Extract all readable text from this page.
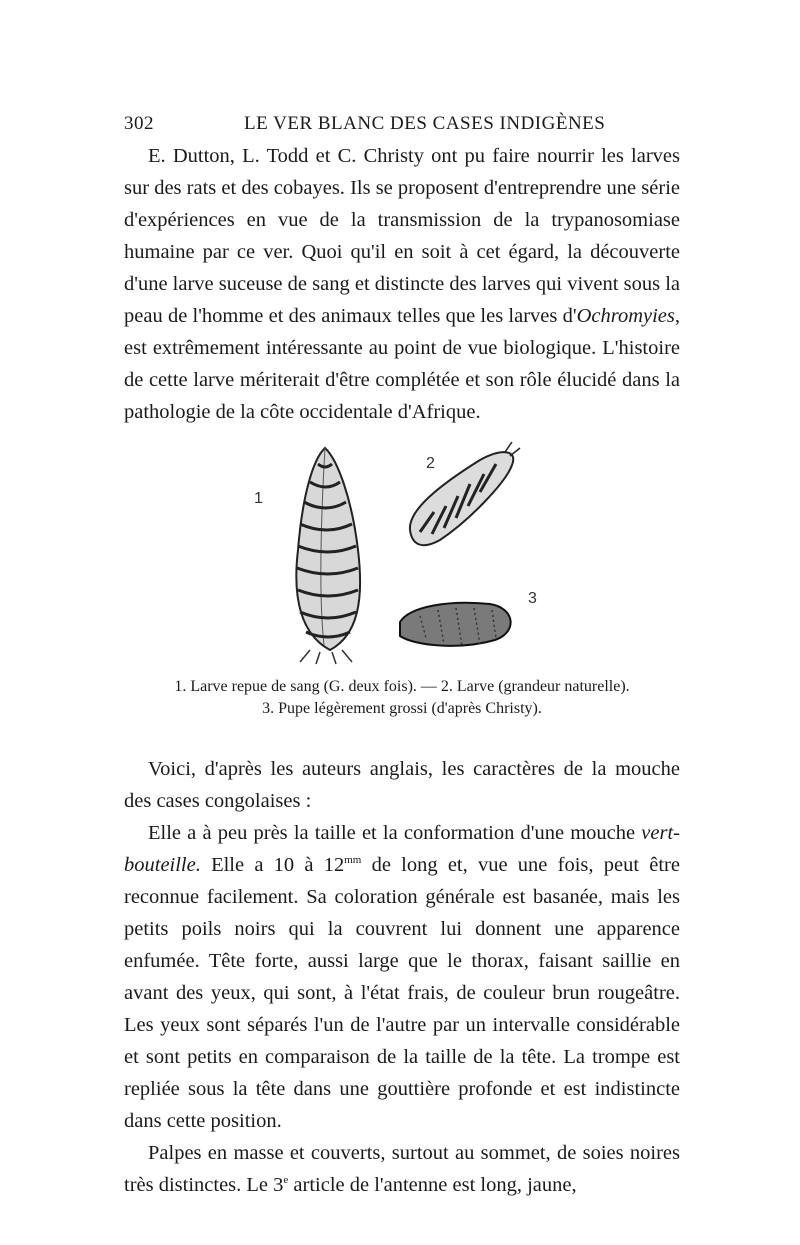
302	LE VER BLANC DES CASES INDIGÈNES

E. Dutton, L. Todd et C. Christy ont pu faire nourrir les larves sur des rats et des cobayes. Ils se proposent d'entreprendre une série d'expériences en vue de la transmission de la trypanosomiase humaine par ce ver. Quoi qu'il en soit à cet égard, la découverte d'une larve suceuse de sang et distincte des larves qui vivent sous la peau de l'homme et des animaux telles que les larves d'Ochromyies, est extrêmement intéressante au point de vue biologique. L'histoire de cette larve mériterait d'être complétée et son rôle élucidé dans la pathologie de la côte occidentale d'Afrique.

1
2
3
1. Larve repue de sang (G. deux fois). — 2. Larve (grandeur naturelle).
3. Pupe légèrement grossi (d'après Christy).

Voici, d'après les auteurs anglais, les caractères de la mouche des cases congolaises :

Elle a à peu près la taille et la conformation d'une mouche vert-bouteille. Elle a 10 à $12^{mm}$ de long et, vue une fois, peut être reconnue facilement. Sa coloration générale est basanée, mais les petits poils noirs qui la couvrent lui donnent une apparence enfumée. Tête forte, aussi large que le thorax, faisant saillie en avant des yeux, qui sont, à l'état frais, de couleur brun rougeâtre. Les yeux sont séparés l'un de l'autre par un intervalle considérable et sont petits en comparaison de la taille de la tête. La trompe est repliée sous la tête dans une gouttière profonde et est indistincte dans cette position.

Palpes en masse et couverts, surtout au sommet, de soies noires très distinctes. Le 3e article de l'antenne est long, jaune,
